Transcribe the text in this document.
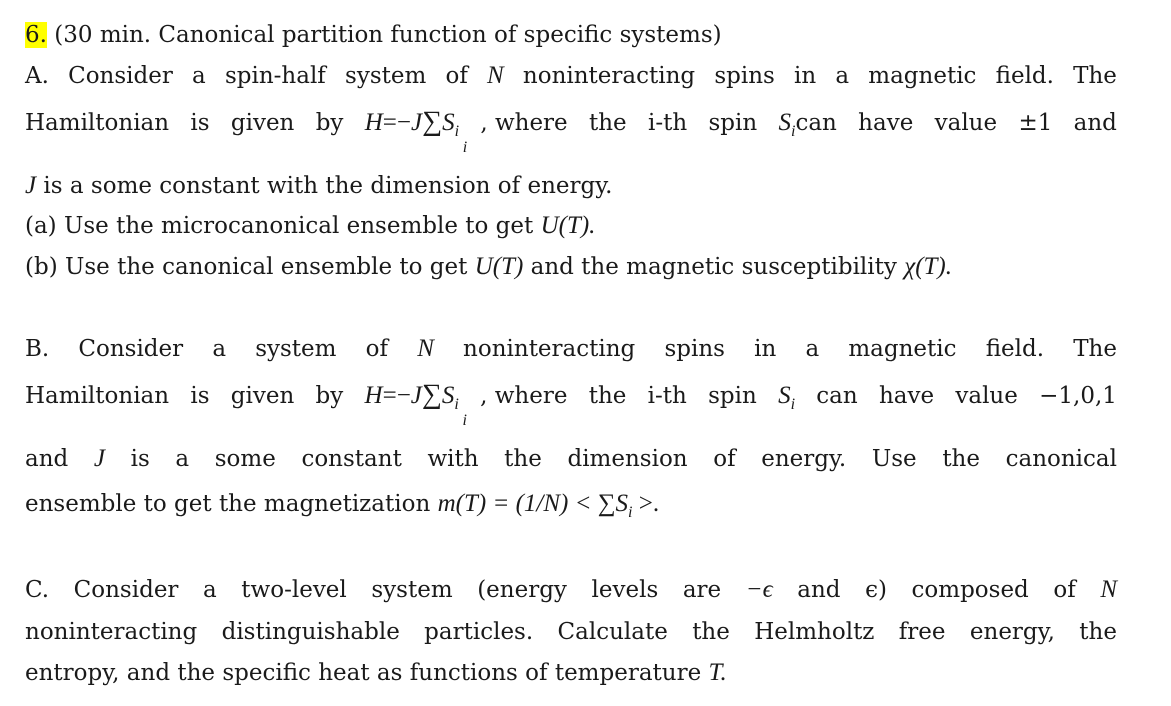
6. (30 min. Canonical partition function of specific systems)
A. Consider a spin-half system of N noninteracting spins in a magnetic field. The
Hamiltonian is given by $H=-J\sum S_i$
i
, where the i-th spin $S_ican$ have value ±1 and
J is a some constant with the dimension of energy.
(a) Use the microcanonical ensemble to get U(T).
(b) Use the canonical ensemble to get U(T) and the magnetic susceptibility χ(T).
B. Consider a system of N noninteracting spins in a magnetic field. The
Hamiltonian is given by $H=-J\sum S_i$
i
, where the i-th spin $S_i$ can have value −1,0,1
and J is a some constant with the dimension of energy. Use the canonical
ensemble to get the magnetization $m(T) = (1/N) < \sum S_i$ >.
C. Consider a two-level system (energy levels are −ϵ and ϵ) composed of N
noninteracting distinguishable particles. Calculate the Helmholtz free energy, the
entropy, and the specific heat as functions of temperature T.
